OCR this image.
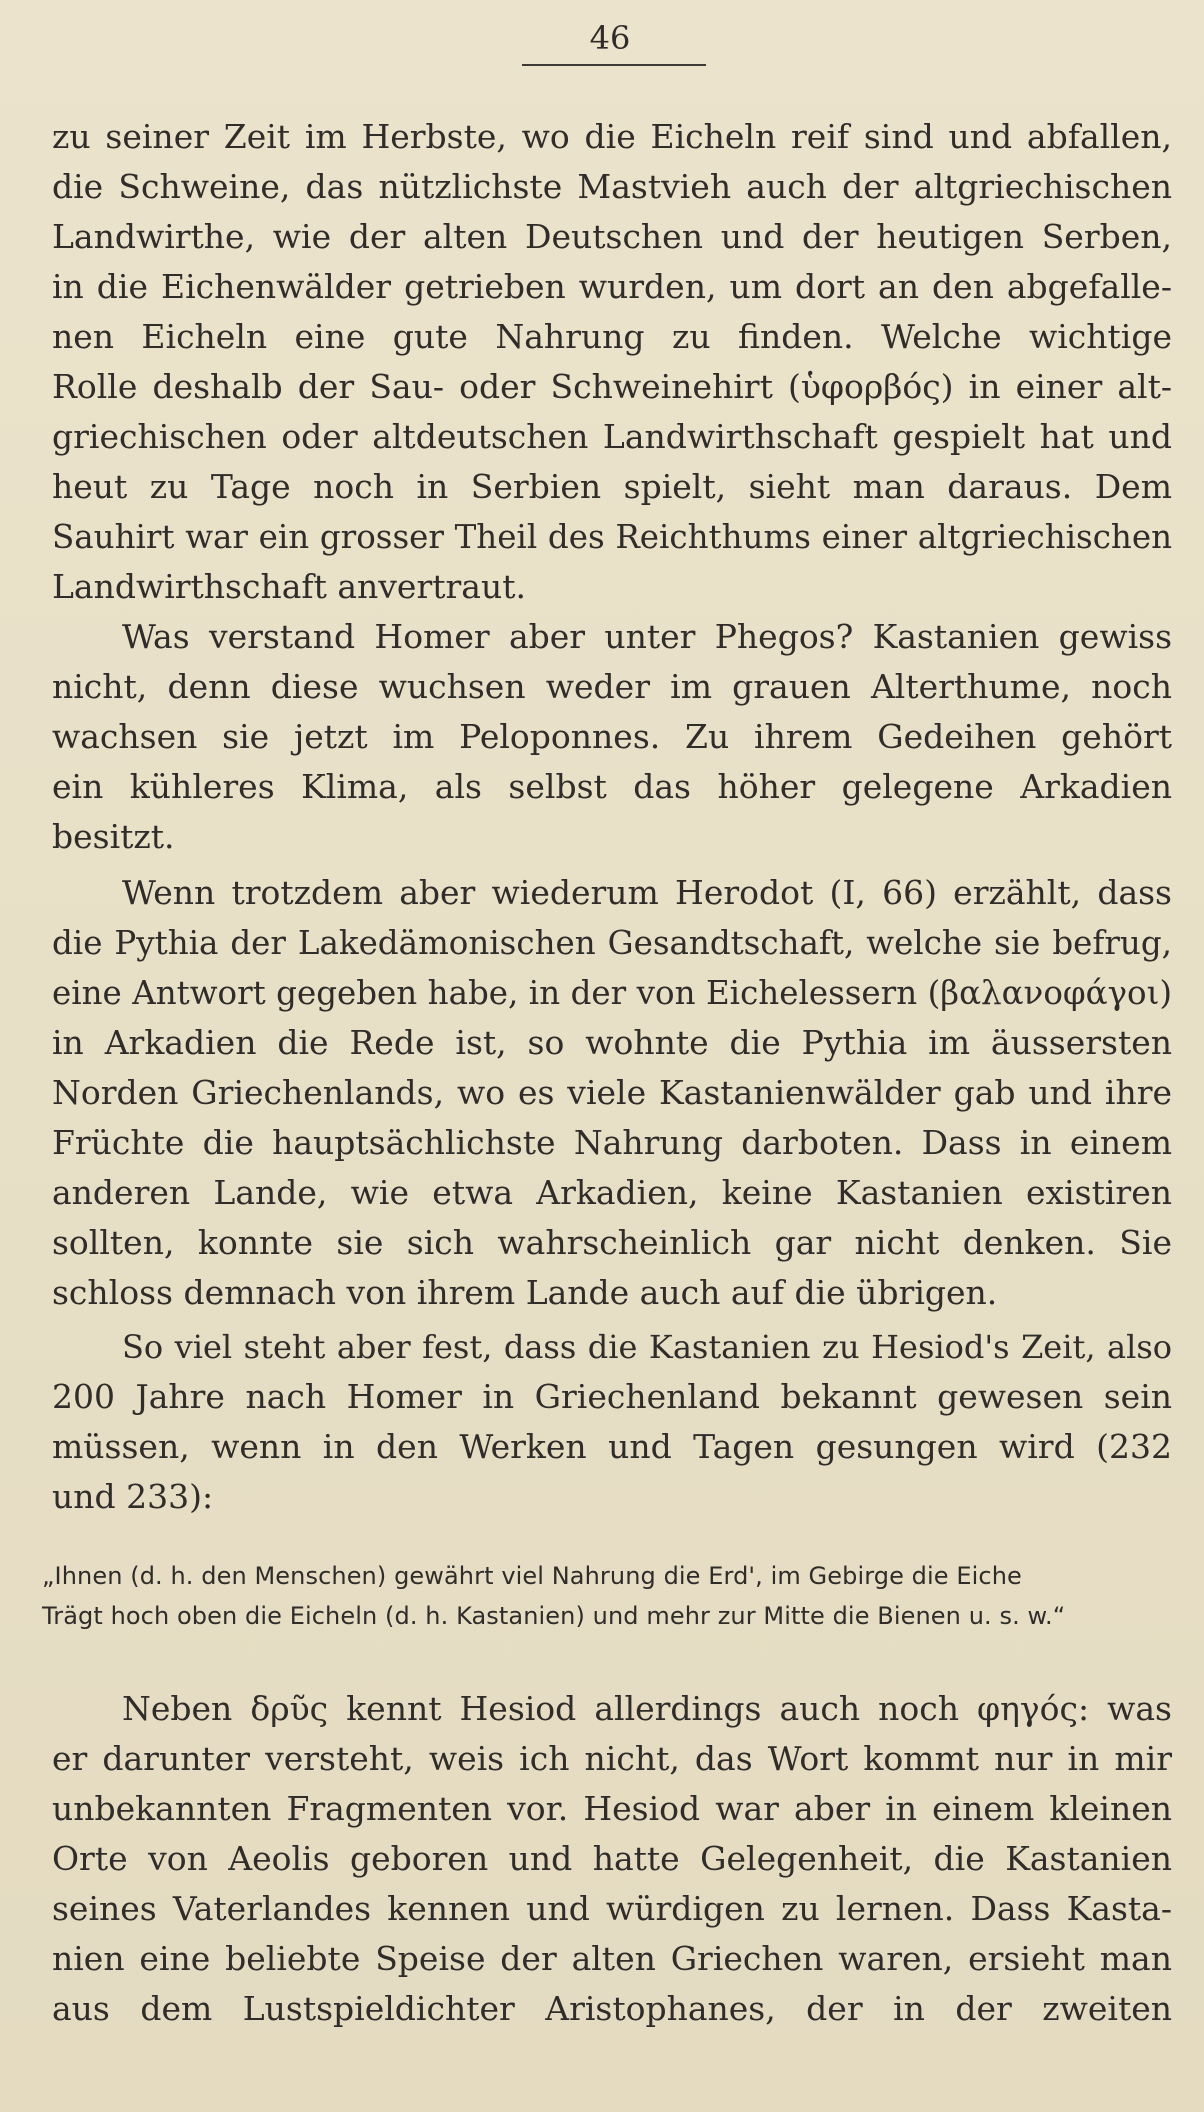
46
zu seiner Zeit im Herbste, wo die Eicheln reif sind und abfallen,
die Schweine, das nützlichste Mastvieh auch der altgriechischen
Landwirthe, wie der alten Deutschen und der heutigen Serben,
in die Eichenwälder getrieben wurden, um dort an den abgefalle-
nen Eicheln eine gute Nahrung zu finden. Welche wichtige
Rolle deshalb der Sau- oder Schweinehirt (ὑφορβός) in einer alt-
griechischen oder altdeutschen Landwirthschaft gespielt hat und
heut zu Tage noch in Serbien spielt, sieht man daraus. Dem
Sauhirt war ein grosser Theil des Reichthums einer altgriechischen
Landwirthschaft anvertraut.
Was verstand Homer aber unter Phegos? Kastanien gewiss
nicht, denn diese wuchsen weder im grauen Alterthume, noch
wachsen sie jetzt im Peloponnes. Zu ihrem Gedeihen gehört
ein kühleres Klima, als selbst das höher gelegene Arkadien
besitzt.
Wenn trotzdem aber wiederum Herodot (I, 66) erzählt, dass
die Pythia der Lakedämonischen Gesandtschaft, welche sie befrug,
eine Antwort gegeben habe, in der von Eichelessern (βαλανοφάγοι)
in Arkadien die Rede ist, so wohnte die Pythia im äussersten
Norden Griechenlands, wo es viele Kastanienwälder gab und ihre
Früchte die hauptsächlichste Nahrung darboten. Dass in einem
anderen Lande, wie etwa Arkadien, keine Kastanien existiren
sollten, konnte sie sich wahrscheinlich gar nicht denken. Sie
schloss demnach von ihrem Lande auch auf die übrigen.
So viel steht aber fest, dass die Kastanien zu Hesiod's Zeit, also
200 Jahre nach Homer in Griechenland bekannt gewesen sein
müssen, wenn in den Werken und Tagen gesungen wird (232
und 233):
„Ihnen (d. h. den Menschen) gewährt viel Nahrung die Erd', im Gebirge die Eiche
Trägt hoch oben die Eicheln (d. h. Kastanien) und mehr zur Mitte die Bienen u. s. w.“
Neben δρῦς kennt Hesiod allerdings auch noch φηγός: was
er darunter versteht, weis ich nicht, das Wort kommt nur in mir
unbekannten Fragmenten vor. Hesiod war aber in einem kleinen
Orte von Aeolis geboren und hatte Gelegenheit, die Kastanien
seines Vaterlandes kennen und würdigen zu lernen. Dass Kasta-
nien eine beliebte Speise der alten Griechen waren, ersieht man
aus dem Lustspieldichter Aristophanes, der in der zweiten
